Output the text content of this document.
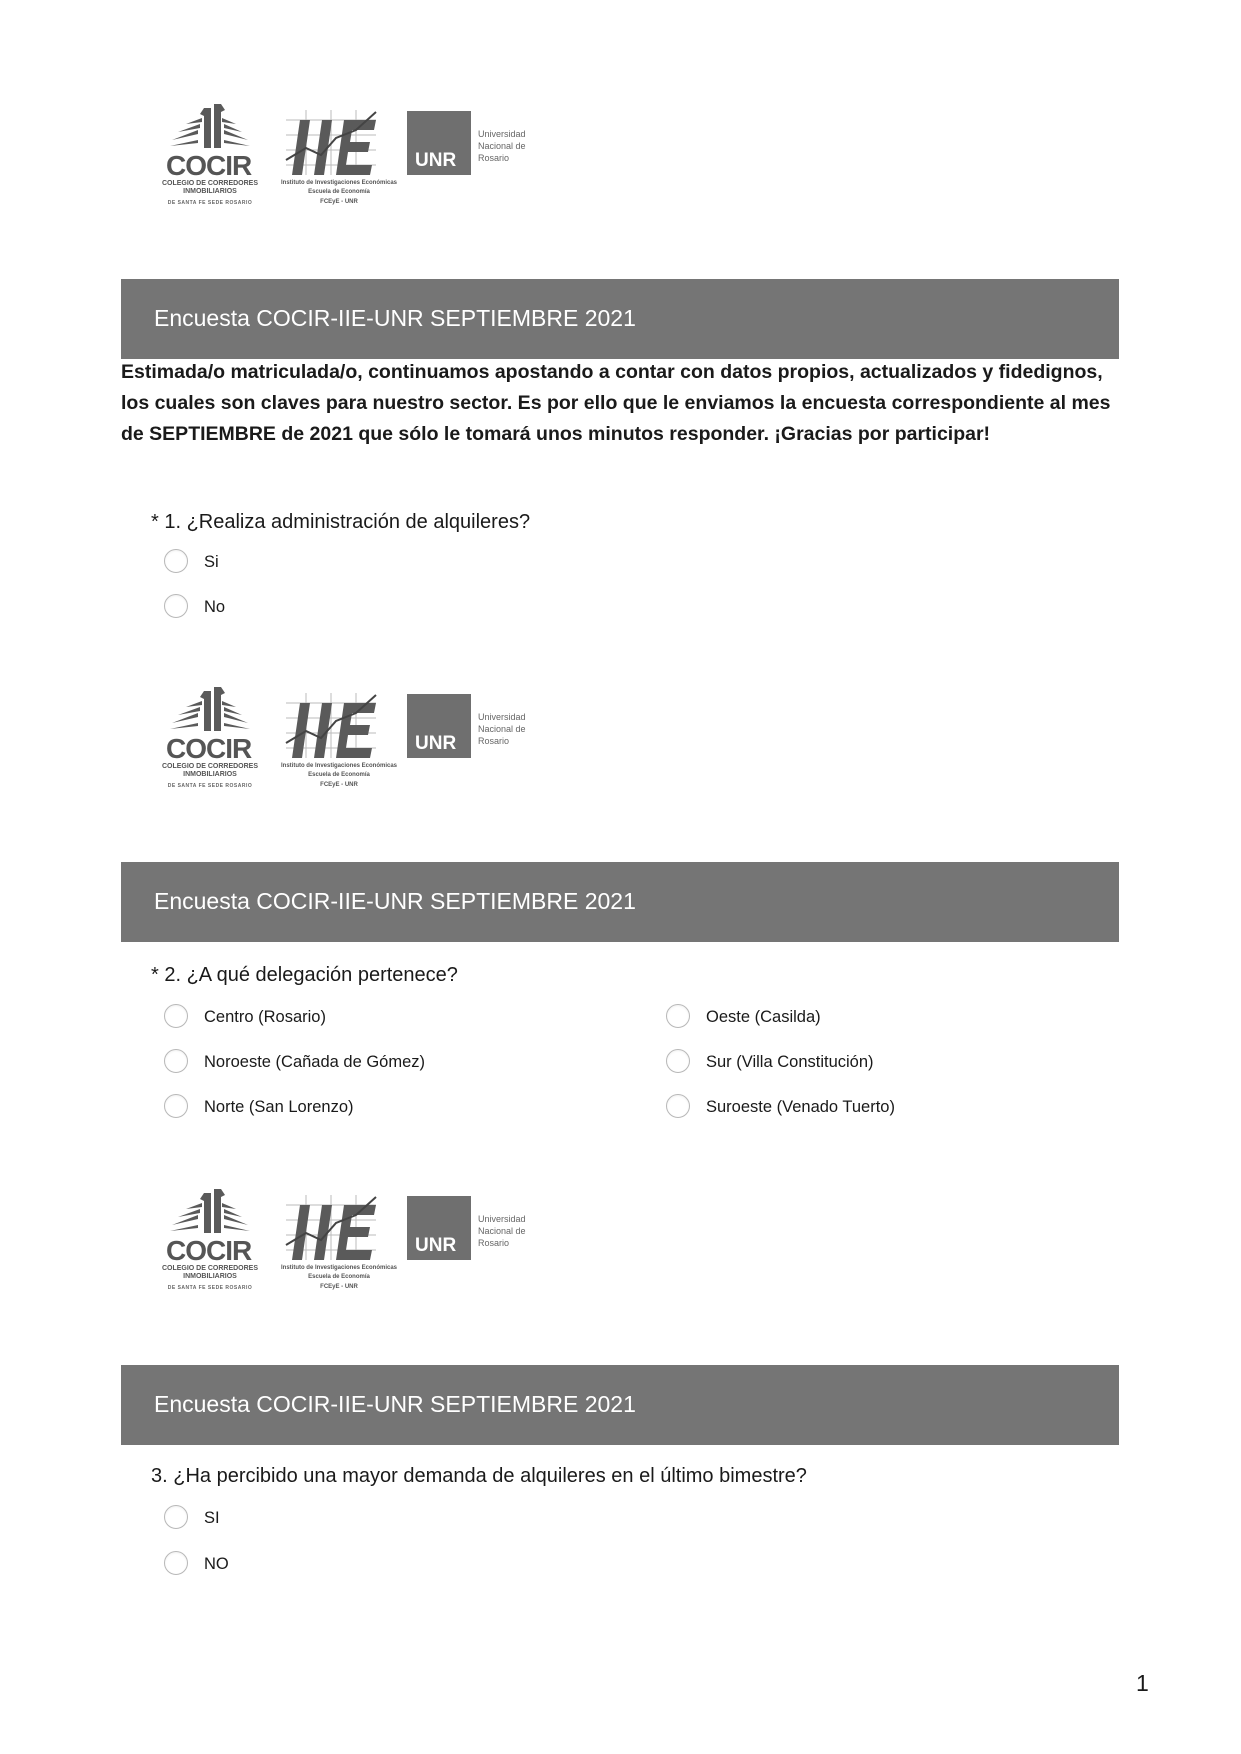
COCIR
COLEGIO DE CORREDORES INMOBILIARIOS
DE SANTA FE SEDE ROSARIO
Instituto de Investigaciones Económicas
Escuela de Economía
FCEyE - UNR
UNR
Universidad Nacional de Rosario
Encuesta COCIR-IIE-UNR SEPTIEMBRE 2021
Estimada/o matriculada/o, continuamos apostando a contar con datos propios, actualizados y fidedignos, los cuales son claves para nuestro sector. Es por ello que le enviamos la encuesta correspondiente al mes de SEPTIEMBRE de 2021 que sólo le tomará unos minutos responder. ¡Gracias por participar!
* 1. ¿Realiza administración de alquileres?
Si
No
COCIR
COLEGIO DE CORREDORES INMOBILIARIOS
DE SANTA FE SEDE ROSARIO
Instituto de Investigaciones Económicas
Escuela de Economía
FCEyE - UNR
UNR
Universidad Nacional de Rosario
Encuesta COCIR-IIE-UNR SEPTIEMBRE 2021
* 2. ¿A qué delegación pertenece?
Centro (Rosario)
Noroeste (Cañada de Gómez)
Norte (San Lorenzo)
Oeste (Casilda)
Sur (Villa Constitución)
Suroeste (Venado Tuerto)
COCIR
COLEGIO DE CORREDORES INMOBILIARIOS
DE SANTA FE SEDE ROSARIO
Instituto de Investigaciones Económicas
Escuela de Economía
FCEyE - UNR
UNR
Universidad Nacional de Rosario
Encuesta COCIR-IIE-UNR SEPTIEMBRE 2021
3. ¿Ha percibido una mayor demanda de alquileres en el último bimestre?
SI
NO
1
